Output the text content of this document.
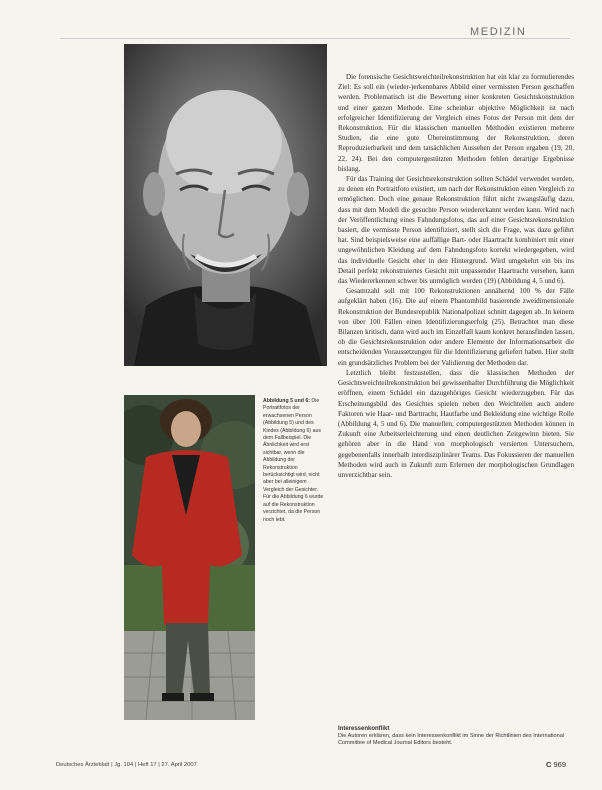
MEDIZIN
Abbildung 5 und 6: Die Portraitfotos der erwachsenen Person (Abbildung 5) und des Kindes (Abbildung 6) aus dem Fallbeispiel. Die Ähnlichkeit wird erst sichtbar, wenn die Abbildung der Rekonstruktion berücksichtigt wird, nicht aber bei alleinigem Vergleich der Gesichter. Für die Abbildung 6 wurde auf die Rekonstruktion verzichtet, da die Person noch lebt.

Die forensische Gesichtsweichteilrekonstruktion hat ein klar zu formulierendes Ziel: Es soll ein (wieder-)erkennbares Abbild einer vermissten Person geschaffen werden. Problematisch ist die Bewertung einer konkreten Gesichtskonstruktion und einer ganzen Methode. Eine scheinbar objektive Möglichkeit ist nach erfolgreicher Identifizierung der Vergleich eines Fotos der Person mit dem der Rekonstruktion. Für die klassischen manuellen Methoden existieren mehrere Studien, die eine gute Übereinstimmung der Rekonstruktion, deren Reproduzierbarkeit und dem tatsächlichen Aussehen der Person ergaben (19, 20, 22, 24). Bei den computergestützten Methoden fehlen derartige Ergebnisse bislang.

Für das Training der Gesichtsrekonstruktion sollten Schädel verwendet werden, zu denen ein Portraitfoto existiert, um nach der Rekonstruktion einen Vergleich zu ermöglichen. Doch eine genaue Rekonstruktion führt nicht zwangsläufig dazu, dass mit dem Modell die gesuchte Person wiedererkannt werden kann. Wird nach der Veröffentlichung eines Fahndungsfotos, das auf einer Gesichtsrekonstruktion basiert, die vermisste Person identifiziert, stellt sich die Frage, was dazu geführt hat. Sind beispielsweise eine auffällige Bart- oder Haartracht kombiniert mit einer ungewöhnlichen Kleidung auf dem Fahndungsfoto korrekt wiedergegeben, wird das individuelle Gesicht eher in den Hintergrund. Wird umgekehrt ein bis ins Detail perfekt rekonstruiertes Gesicht mit unpassender Haartracht versehen, kann das Wiedererkennen schwer bis unmöglich werden (19) (Abbildung 4, 5 und 6).

Gesamtzahl soll mit 100 Rekonstruktionen annähernd 100 % der Fälle aufgeklärt haben (16). Die auf einem Phantombild basierende zweidimensionale Rekonstruktion der Bundesrepublik Nationalpolizei schnitt dagegen ab. In keinem von über 100 Fällen einen Identifizierungserfolg (25). Betrachtet man diese Bilanzen kritisch, dann wird auch im Einzelfall kaum konkret herausfinden lassen, ob die Gesichtsrekonstruktion oder andere Elemente der Informationsarbeit die entscheidenden Voraussetzungen für die Identifizierung geliefert haben. Hier stellt ein grundsätzliches Problem bei der Validierung der Methoden dar.

Letztlich bleibt festzustellen, dass die klassischen Methoden der Gesichtsweichteilrekonstruktion bei gewissenhafter Durchführung die Möglichkeit eröffnen, einem Schädel ein dazugehöriges Gesicht wiederzugeben. Für das Erscheinungsbild des Gesichtes spielen neben den Weichteilen auch andere Faktoren wie Haar- und Barttracht, Hautfarbe und Bekleidung eine wichtige Rolle (Abbildung 4, 5 und 6). Die manuellen, computergestützten Methoden können in Zukunft eine Arbeitserleichterung und einen deutlichen Zeitgewinn bieten. Sie gehören aber in die Hand von morphologisch versierten Untersuchern, gegebenenfalls innerhalb interdisziplinärer Teams. Das Fokussieren der manuellen Methoden wird auch in Zukunft zum Erlernen der morphologischen Grundlagen unverzichtbar sein.

Interessenkonflikt
Die Autoren erklären, dass kein Interessenkonflikt im Sinne der Richtlinien des International Committee of Medical Journal Editors besteht.
Deutsches Ärzteblatt | Jg. 104 | Heft 17 | 27. April 2007	C 969
